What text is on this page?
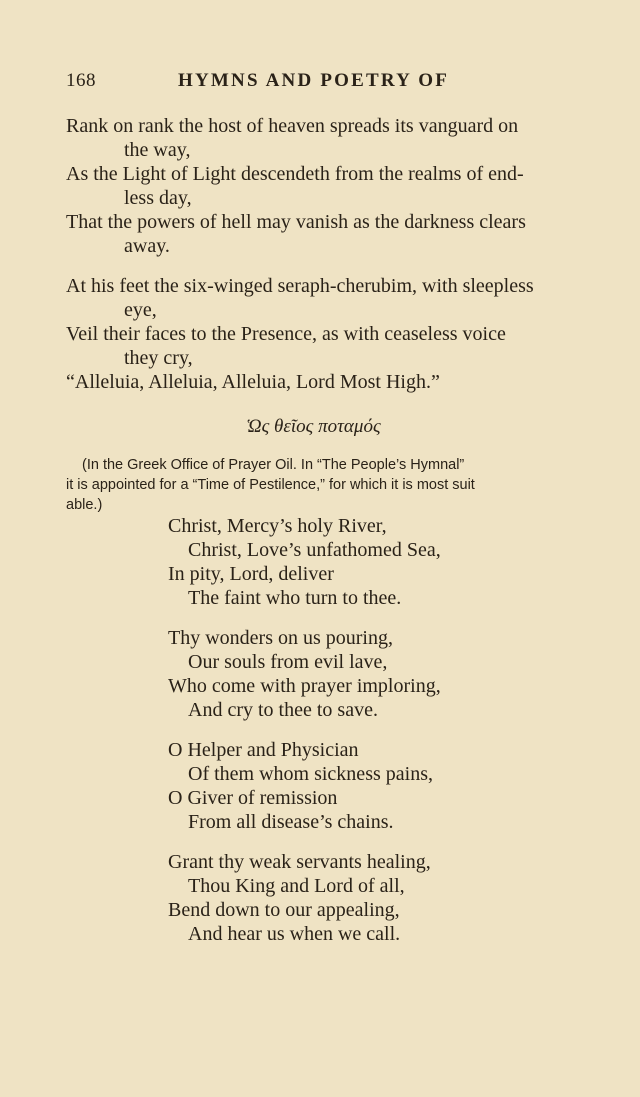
168	HYMNS AND POETRY OF
Rank on rank the host of heaven spreads its vanguard on
the way,
As the Light of Light descendeth from the realms of end-
less day,
That the powers of hell may vanish as the darkness clears
away.
At his feet the six-winged seraph-cherubim, with sleepless
eye,
Veil their faces to the Presence, as with ceaseless voice
they cry,
“Alleluia, Alleluia, Alleluia, Lord Most High.”
Ὡς θεῖος ποταμός
(In the Greek Office of Prayer Oil. In “The People’s Hymnal”
it is appointed for a “Time of Pestilence,” for which it is most suit
able.)
Christ, Mercy’s holy River,
Christ, Love’s unfathomed Sea,
In pity, Lord, deliver
The faint who turn to thee.
Thy wonders on us pouring,
Our souls from evil lave,
Who come with prayer imploring,
And cry to thee to save.
O Helper and Physician
Of them whom sickness pains,
O Giver of remission
From all disease’s chains.
Grant thy weak servants healing,
Thou King and Lord of all,
Bend down to our appealing,
And hear us when we call.
